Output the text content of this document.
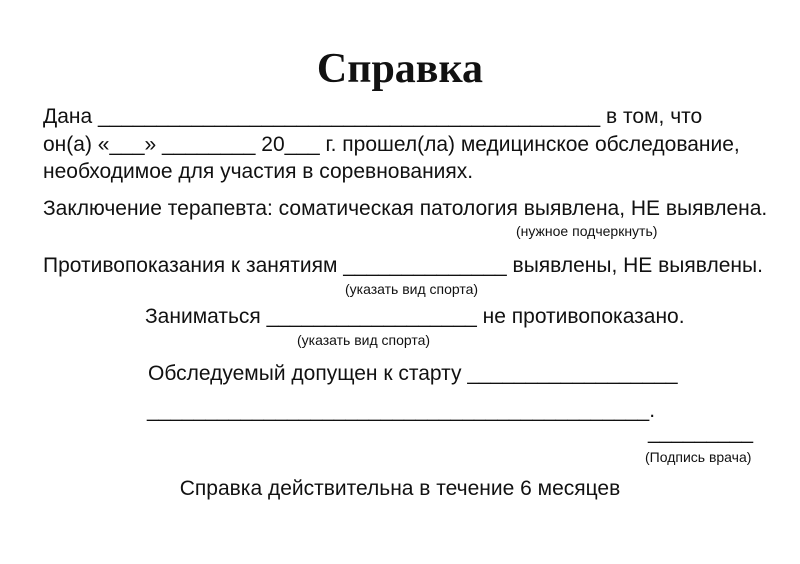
Справка
Дана ___________________________________________ в том, что
он(а) «___» ________ 20___ г. прошел(ла) медицинское обследование,
необходимое для участия в соревнованиях.
Заключение терапевта: соматическая патология выявлена, НЕ выявлена.
(нужное подчеркнуть)
Противопоказания к занятиям ______________ выявлены, НЕ выявлены.
(указать вид спорта)
Заниматься __________________ не противопоказано.
(указать вид спорта)
Обследуемый допущен к старту __________________
___________________________________________.
_________
(Подпись врача)
Справка действительна в течение 6 месяцев
